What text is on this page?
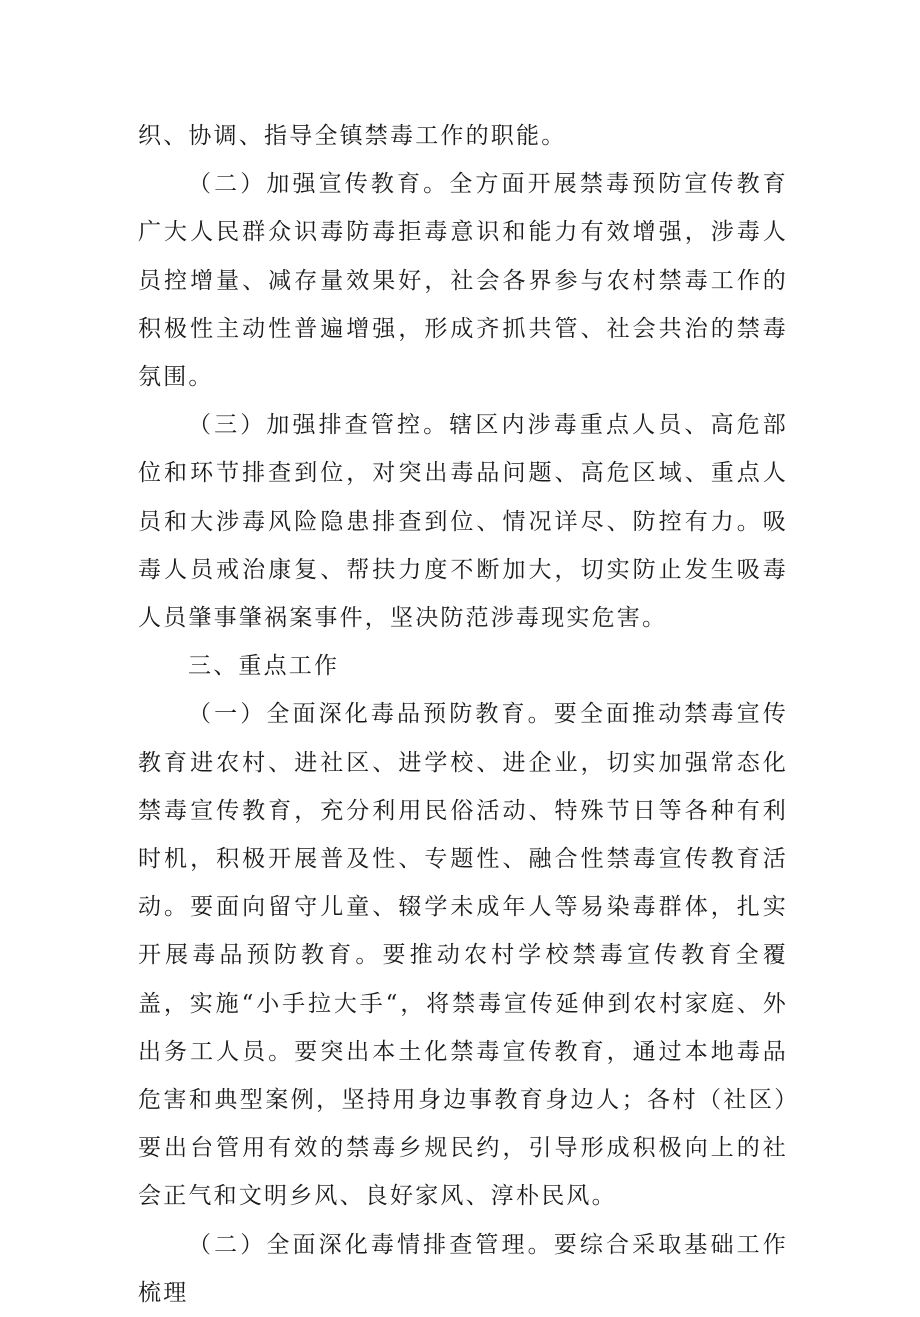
织、协调、指导全镇禁毒工作的职能。

（二）加强宣传教育。全方面开展禁毒预防宣传教育广大人民群众识毒防毒拒毒意识和能力有效增强，涉毒人员控增量、减存量效果好，社会各界参与农村禁毒工作的积极性主动性普遍增强，形成齐抓共管、社会共治的禁毒氛围。

（三）加强排查管控。辖区内涉毒重点人员、高危部位和环节排查到位，对突出毒品问题、高危区域、重点人员和大涉毒风险隐患排查到位、情况详尽、防控有力。吸毒人员戒治康复、帮扶力度不断加大，切实防止发生吸毒人员肇事肇祸案事件，坚决防范涉毒现实危害。

三、重点工作

（一）全面深化毒品预防教育。要全面推动禁毒宣传教育进农村、进社区、进学校、进企业，切实加强常态化禁毒宣传教育，充分利用民俗活动、特殊节日等各种有利时机，积极开展普及性、专题性、融合性禁毒宣传教育活动。要面向留守儿童、辍学未成年人等易染毒群体，扎实开展毒品预防教育。要推动农村学校禁毒宣传教育全覆盖，实施“小手拉大手“，将禁毒宣传延伸到农村家庭、外出务工人员。要突出本土化禁毒宣传教育，通过本地毒品危害和典型案例，坚持用身边事教育身边人；各村（社区）要出台管用有效的禁毒乡规民约，引导形成积极向上的社会正气和文明乡风、良好家风、淳朴民风。

（二）全面深化毒情排查管理。要综合采取基础工作梳理
